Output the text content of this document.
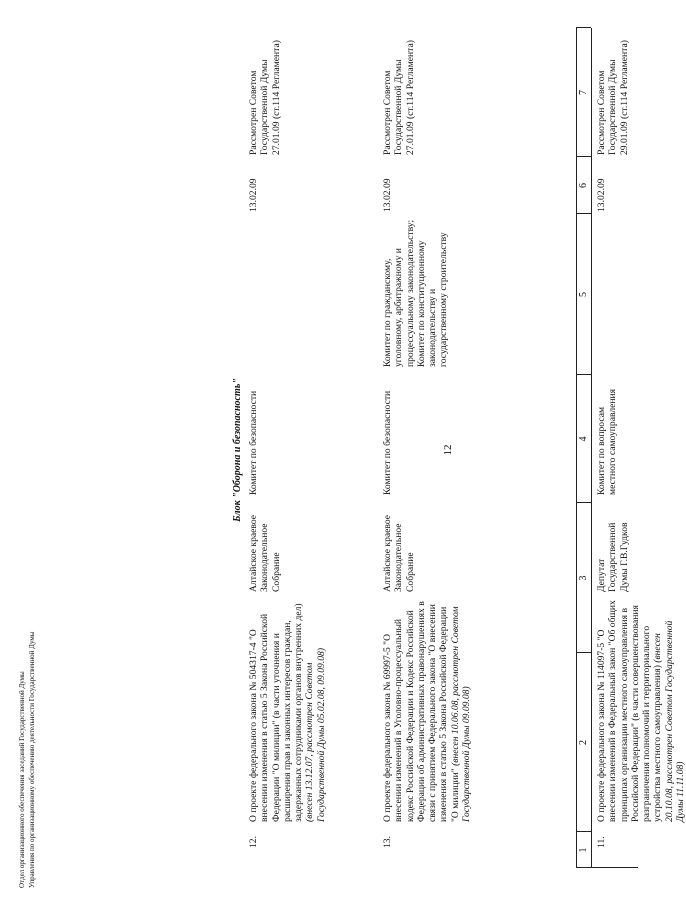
12
1
2
3
4
5
6
7
11.
О проекте федерального закона № 114097-5 "О внесении изменений в Федеральный закон "Об общих принципах организации местного самоуправления в Российской Федерации" (в части совершенствования разграничения полномочий и территориального устройства местного самоуправления) (внесен 20.10.08, рассмотрен Советом Государственной Думы 11.11.08)
Депутат Государственной Думы Г.В.Гудков
Комитет по вопросам местного самоуправления
13.02.09
Рассмотрен Советом Государственной Думы 29.01.09 (ст.114 Регламента)
Блок "Оборона и безопасность"
12.
О проекте федерального закона № 504317-4 "О внесении изменения в статью 5 Закона Российской Федерации "О милиции" (в части уточнения и расширения прав и законных интересов граждан, задержанных сотрудниками органов внутренних дел) (внесен 13.12.07, рассмотрен Советом Государственной Думы 05.02.08, 09.09.08)
Алтайское краевое Законодательное Собрание
Комитет по безопасности
13.02.09
Рассмотрен Советом Государственной Думы 27.01.09 (ст.114 Регламента)
13.
О проекте федерального закона № 69997-5 "О внесении изменений в Уголовно-процессуальный кодекс Российской Федерации и Кодекс Российской Федерации об административных правонарушениях в связи с принятием Федерального закона "О внесении изменения в статью 5 Закона Российской Федерации "О милиции" (внесен 10.06.08, рассмотрен Советом Государственной Думы 09.09.08)
Алтайское краевое Законодательное Собрание
Комитет по безопасности
Комитет по гражданскому, уголовному, арбитражному и процессуальному законодательству; Комитет по конституционному законодательству и государственному строительству
13.02.09
Рассмотрен Советом Государственной Думы 27.01.09 (ст.114 Регламента)
Отдел организационного обеспечения заседаний Государственной Думы Управления по организационному обеспечению деятельности Государственной Думы
